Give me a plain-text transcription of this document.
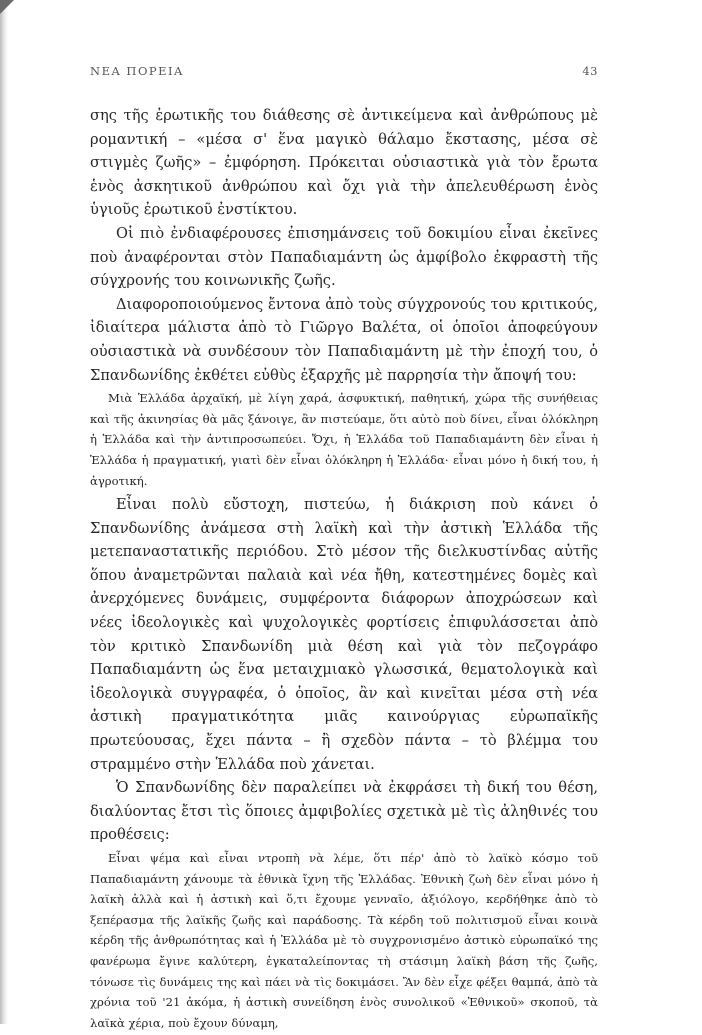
ΝΕΑ ΠΟΡΕΙΑ	43

σης τῆς ἐρωτικῆς του διάθεσης σὲ ἀντικείμενα καὶ ἀνθρώπους μὲ ρομαντική – «μέσα σ' ἕνα μαγικὸ θάλαμο ἔκστασης, μέσα σὲ στιγμὲς ζωῆς» – ἐμφόρηση. Πρόκειται οὐσιαστικὰ γιὰ τὸν ἔρωτα ἑνὸς ἀσκητικοῦ ἀνθρώπου καὶ ὄχι γιὰ τὴν ἀπελευθέρωση ἑνὸς ὑγιοῦς ἐρωτικοῦ ἐνστίκτου.

Οἱ πιὸ ἐνδιαφέρουσες ἐπισημάνσεις τοῦ δοκιμίου εἶναι ἐκεῖνες ποὺ ἀναφέρονται στὸν Παπαδιαμάντη ὡς ἀμφίβολο ἐκφραστὴ τῆς σύγχρονής του κοινωνικῆς ζωῆς.

Διαφοροποιούμενος ἔντονα ἀπὸ τοὺς σύγχρονούς του κριτικούς, ἰδιαίτερα μάλιστα ἀπὸ τὸ Γιῶργο Βαλέτα, οἱ ὁποῖοι ἀποφεύγουν οὐσιαστικὰ νὰ συνδέσουν τὸν Παπαδιαμάντη μὲ τὴν ἐποχή του, ὁ Σπανδωνίδης ἐκθέτει εὐθὺς ἐξαρχῆς μὲ παρρησία τὴν ἄποψή του:

Μιὰ Ἑλλάδα ἀρχαϊκή, μὲ λίγη χαρά, ἀσφυκτική, παθητική, χώρα τῆς συνήθειας καὶ τῆς ἀκινησίας θὰ μᾶς ξάνοιγε, ἂν πιστεύαμε, ὅτι αὐτὸ ποὺ δίνει, εἶναι ὁλόκληρη ἡ Ἑλλάδα καὶ τὴν ἀντιπροσωπεύει. Ὄχι, ἡ Ἑλλάδα τοῦ Παπαδιαμάντη δὲν εἶναι ἡ Ἑλλάδα ἡ πραγματική, γιατὶ δὲν εἶναι ὁλόκληρη ἡ Ἑλλάδα· εἶναι μόνο ἡ δική του, ἡ ἀγροτική.

Εἶναι πολὺ εὔστοχη, πιστεύω, ἡ διάκριση ποὺ κάνει ὁ Σπανδωνίδης ἀνάμεσα στὴ λαϊκὴ καὶ τὴν ἀστικὴ Ἑλλάδα τῆς μετεπαναστατικῆς περιόδου. Στὸ μέσον τῆς διελκυστίνδας αὐτῆς ὅπου ἀναμετρῶνται παλαιὰ καὶ νέα ἤθη, κατεστημένες δομὲς καὶ ἀνερχόμενες δυνάμεις, συμφέροντα διάφορων ἀποχρώσεων καὶ νέες ἰδεολογικὲς καὶ ψυχολογικὲς φορτίσεις ἐπιφυλάσσεται ἀπὸ τὸν κριτικὸ Σπανδωνίδη μιὰ θέση καὶ γιὰ τὸν πεζογράφο Παπαδιαμάντη ὡς ἕνα μεταιχμιακὸ γλωσσικά, θεματολογικὰ καὶ ἰδεολογικὰ συγγραφέα, ὁ ὁποῖος, ἂν καὶ κινεῖται μέσα στὴ νέα ἀστικὴ πραγματικότητα μιᾶς καινούργιας εὐρωπαϊκῆς πρωτεύουσας, ἔχει πάντα – ἢ σχεδὸν πάντα – τὸ βλέμμα του στραμμένο στὴν Ἑλλάδα ποὺ χάνεται.

Ὁ Σπανδωνίδης δὲν παραλείπει νὰ ἐκφράσει τὴ δική του θέση, διαλύοντας ἔτσι τὶς ὅποιες ἀμφιβολίες σχετικὰ μὲ τὶς ἀληθινές του προθέσεις:

Εἶναι ψέμα καὶ εἶναι ντροπὴ νὰ λέμε, ὅτι πέρ' ἀπὸ τὸ λαϊκὸ κόσμο τοῦ Παπαδιαμάντη χάνουμε τὰ ἐθνικὰ ἴχνη τῆς Ἑλλάδας. Ἐθνικὴ ζωὴ δὲν εἶναι μόνο ἡ λαϊκὴ ἀλλὰ καὶ ἡ ἀστικὴ καὶ ὅ,τι ἔχουμε γενναῖο, ἀξιόλογο, κερδήθηκε ἀπὸ τὸ ξεπέρασμα τῆς λαϊκῆς ζωῆς καὶ παράδοσης. Τὰ κέρδη τοῦ πολιτισμοῦ εἶναι κοινὰ κέρδη τῆς ἀνθρωπότητας καὶ ἡ Ἑλλάδα μὲ τὸ συγχρονισμένο ἀστικὸ εὐρωπαϊκό της φανέρωμα ἔγινε καλύτερη, ἐγκαταλείποντας τὴ στάσιμη λαϊκὴ βάση τῆς ζωῆς, τόνωσε τὶς δυνάμεις της καὶ πάει νὰ τὶς δοκιμάσει. Ἂν δὲν εἶχε φέξει θαμπά, ἀπὸ τὰ χρόνια τοῦ '21 ἀκόμα, ἡ ἀστικὴ συνείδηση ἑνὸς συνολικοῦ «Ἐθνικοῦ» σκοποῦ, τὰ λαϊκὰ χέρια, ποὺ ἔχουν δύναμη,
